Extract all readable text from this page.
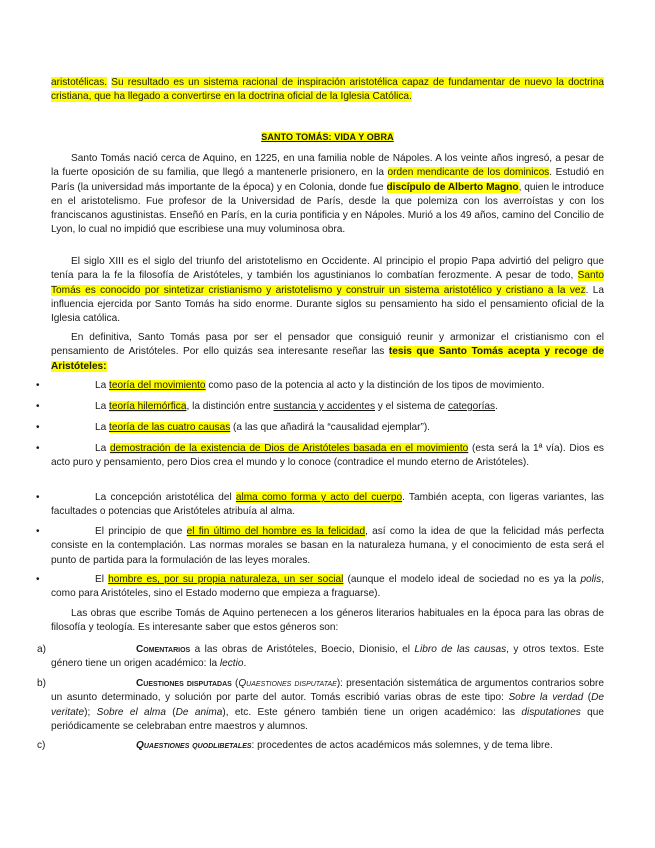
aristotélicas. Su resultado es un sistema racional de inspiración aristotélica capaz de fundamentar de nuevo la doctrina cristiana, que ha llegado a convertirse en la doctrina oficial de la Iglesia Católica.

SANTO TOMÁS: VIDA Y OBRA

Santo Tomás nació cerca de Aquino, en 1225, en una familia noble de Nápoles. A los veinte años ingresó, a pesar de la fuerte oposición de su familia, que llegó a mantenerle prisionero, en la orden mendicante de los dominicos. Estudió en París (la universidad más importante de la época) y en Colonia, donde fue discípulo de Alberto Magno, quien le introduce en el aristotelismo. Fue profesor de la Universidad de París, desde la que polemiza con los averroístas y con los franciscanos agustinistas. Enseñó en París, en la curia pontificia y en Nápoles. Murió a los 49 años, camino del Concilio de Lyon, lo cual no impidió que escribiese una muy voluminosa obra.

El siglo XIII es el siglo del triunfo del aristotelismo en Occidente. Al principio el propio Papa advirtió del peligro que tenía para la fe la filosofía de Aristóteles, y también los agustinianos lo combatían ferozmente. A pesar de todo, Santo Tomás es conocido por sintetizar cristianismo y aristotelismo y construir un sistema aristotélico y cristiano a la vez. La influencia ejercida por Santo Tomás ha sido enorme. Durante siglos su pensamiento ha sido el pensamiento oficial de la Iglesia católica.

En definitiva, Santo Tomás pasa por ser el pensador que consiguió reunir y armonizar el cristianismo con el pensamiento de Aristóteles. Por ello quizás sea interesante reseñar las tesis que Santo Tomás acepta y recoge de Aristóteles:

•	La teoría del movimiento como paso de la potencia al acto y la distinción de los tipos de movimiento.

•	La teoría hilemórfica, la distinción entre sustancia y accidentes y el sistema de categorías.

•	La teoría de las cuatro causas (a las que añadirá la “causalidad ejemplar”).

•	La demostración de la existencia de Dios de Aristóteles basada en el movimiento (esta será la 1ª vía). Dios es acto puro y pensamiento, pero Dios crea el mundo y lo conoce (contradice el mundo eterno de Aristóteles).

•	La concepción aristotélica del alma como forma y acto del cuerpo. También acepta, con ligeras variantes, las facultades o potencias que Aristóteles atribuía al alma.

•	El principio de que el fin último del hombre es la felicidad, así como la idea de que la felicidad más perfecta consiste en la contemplación. Las normas morales se basan en la naturaleza humana, y el conocimiento de esta será el punto de partida para la formulación de las leyes morales.

•	El hombre es, por su propia naturaleza, un ser social (aunque el modelo ideal de sociedad no es ya la polis, como para Aristóteles, sino el Estado moderno que empieza a fraguarse).

Las obras que escribe Tomás de Aquino pertenecen a los géneros literarios habituales en la época para las obras de filosofía y teología. Es interesante saber que estos géneros son:

a)	Comentarios a las obras de Aristóteles, Boecio, Dionisio, el Libro de las causas, y otros textos. Este género tiene un origen académico: la lectio.

b)	Cuestiones disputadas (Quaestiones disputatae): presentación sistemática de argumentos contrarios sobre un asunto determinado, y solución por parte del autor. Tomás escribió varias obras de este tipo: Sobre la verdad (De veritate); Sobre el alma (De anima), etc. Este género también tiene un origen académico: las disputationes que periódicamente se celebraban entre maestros y alumnos.

c)	Quaestiones quodlibetales: procedentes de actos académicos más solemnes, y de tema libre.
